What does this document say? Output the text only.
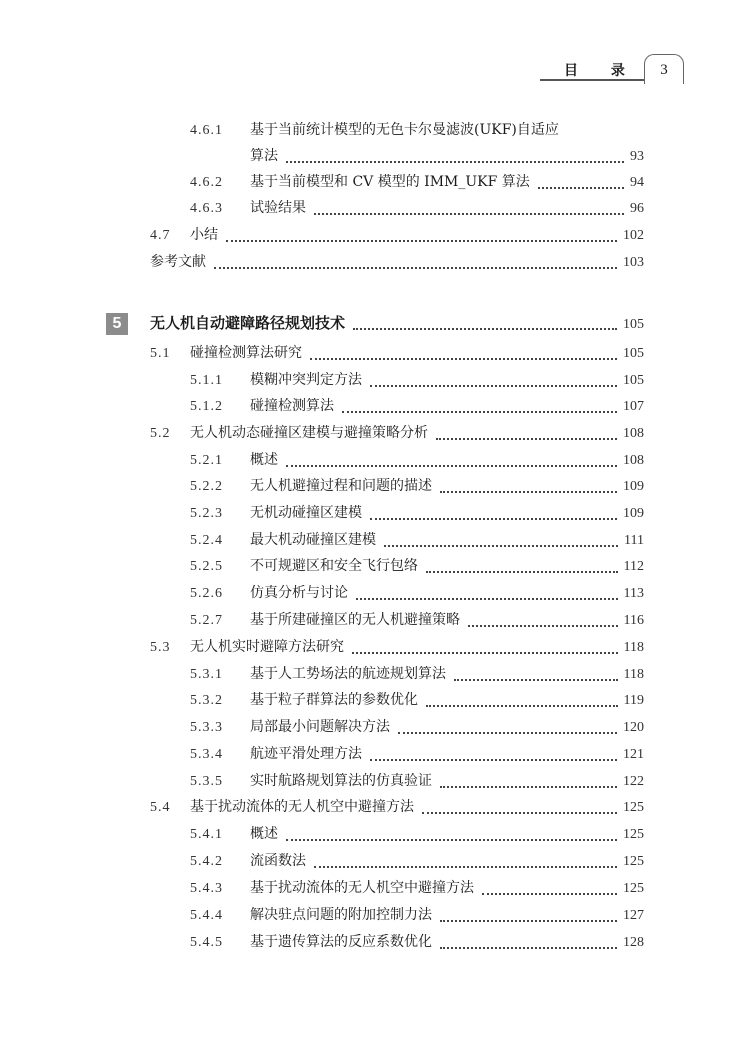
目 录	3
4.6.1	基于当前统计模型的无色卡尔曼滤波(UKF)自适应
算法	93
4.6.2	基于当前模型和 CV 模型的 IMM_UKF 算法	94
4.6.3	试验结果	96
4.7	小结	102
参考文献	103
5	无人机自动避障路径规划技术	105
5.1	碰撞检测算法研究	105
5.1.1	模糊冲突判定方法	105
5.1.2	碰撞检测算法	107
5.2	无人机动态碰撞区建模与避撞策略分析	108
5.2.1	概述	108
5.2.2	无人机避撞过程和问题的描述	109
5.2.3	无机动碰撞区建模	109
5.2.4	最大机动碰撞区建模	111
5.2.5	不可规避区和安全飞行包络	112
5.2.6	仿真分析与讨论	113
5.2.7	基于所建碰撞区的无人机避撞策略	116
5.3	无人机实时避障方法研究	118
5.3.1	基于人工势场法的航迹规划算法	118
5.3.2	基于粒子群算法的参数优化	119
5.3.3	局部最小问题解决方法	120
5.3.4	航迹平滑处理方法	121
5.3.5	实时航路规划算法的仿真验证	122
5.4	基于扰动流体的无人机空中避撞方法	125
5.4.1	概述	125
5.4.2	流函数法	125
5.4.3	基于扰动流体的无人机空中避撞方法	125
5.4.4	解决驻点问题的附加控制力法	127
5.4.5	基于遗传算法的反应系数优化	128
